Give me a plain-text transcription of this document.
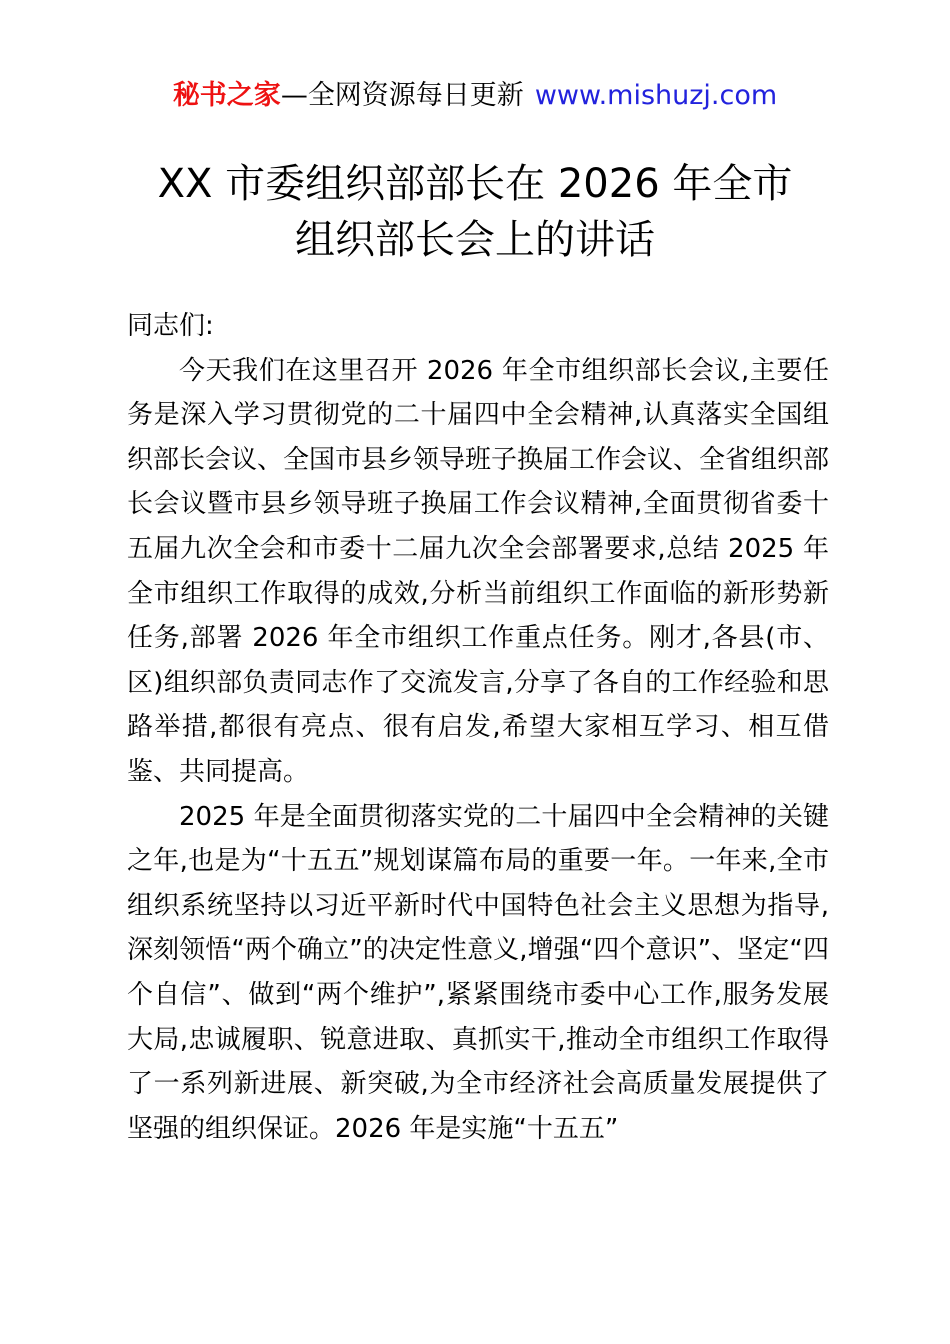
秘书之家—全网资源每日更新 www.mishuzj.com
XX 市委组织部部长在 2026 年全市
组织部长会上的讲话

同志们:

今天我们在这里召开 2026 年全市组织部长会议,主要任务是深入学习贯彻党的二十届四中全会精神,认真落实全国组织部长会议、全国市县乡领导班子换届工作会议、全省组织部长会议暨市县乡领导班子换届工作会议精神,全面贯彻省委十五届九次全会和市委十二届九次全会部署要求,总结 2025 年全市组织工作取得的成效,分析当前组织工作面临的新形势新任务,部署 2026 年全市组织工作重点任务。刚才,各县(市、区)组织部负责同志作了交流发言,分享了各自的工作经验和思路举措,都很有亮点、很有启发,希望大家相互学习、相互借鉴、共同提高。

2025 年是全面贯彻落实党的二十届四中全会精神的关键之年,也是为“十五五”规划谋篇布局的重要一年。一年来,全市组织系统坚持以习近平新时代中国特色社会主义思想为指导,深刻领悟“两个确立”的决定性意义,增强“四个意识”、坚定“四个自信”、做到“两个维护”,紧紧围绕市委中心工作,服务发展大局,忠诚履职、锐意进取、真抓实干,推动全市组织工作取得了一系列新进展、新突破,为全市经济社会高质量发展提供了坚强的组织保证。2026 年是实施“十五五”
